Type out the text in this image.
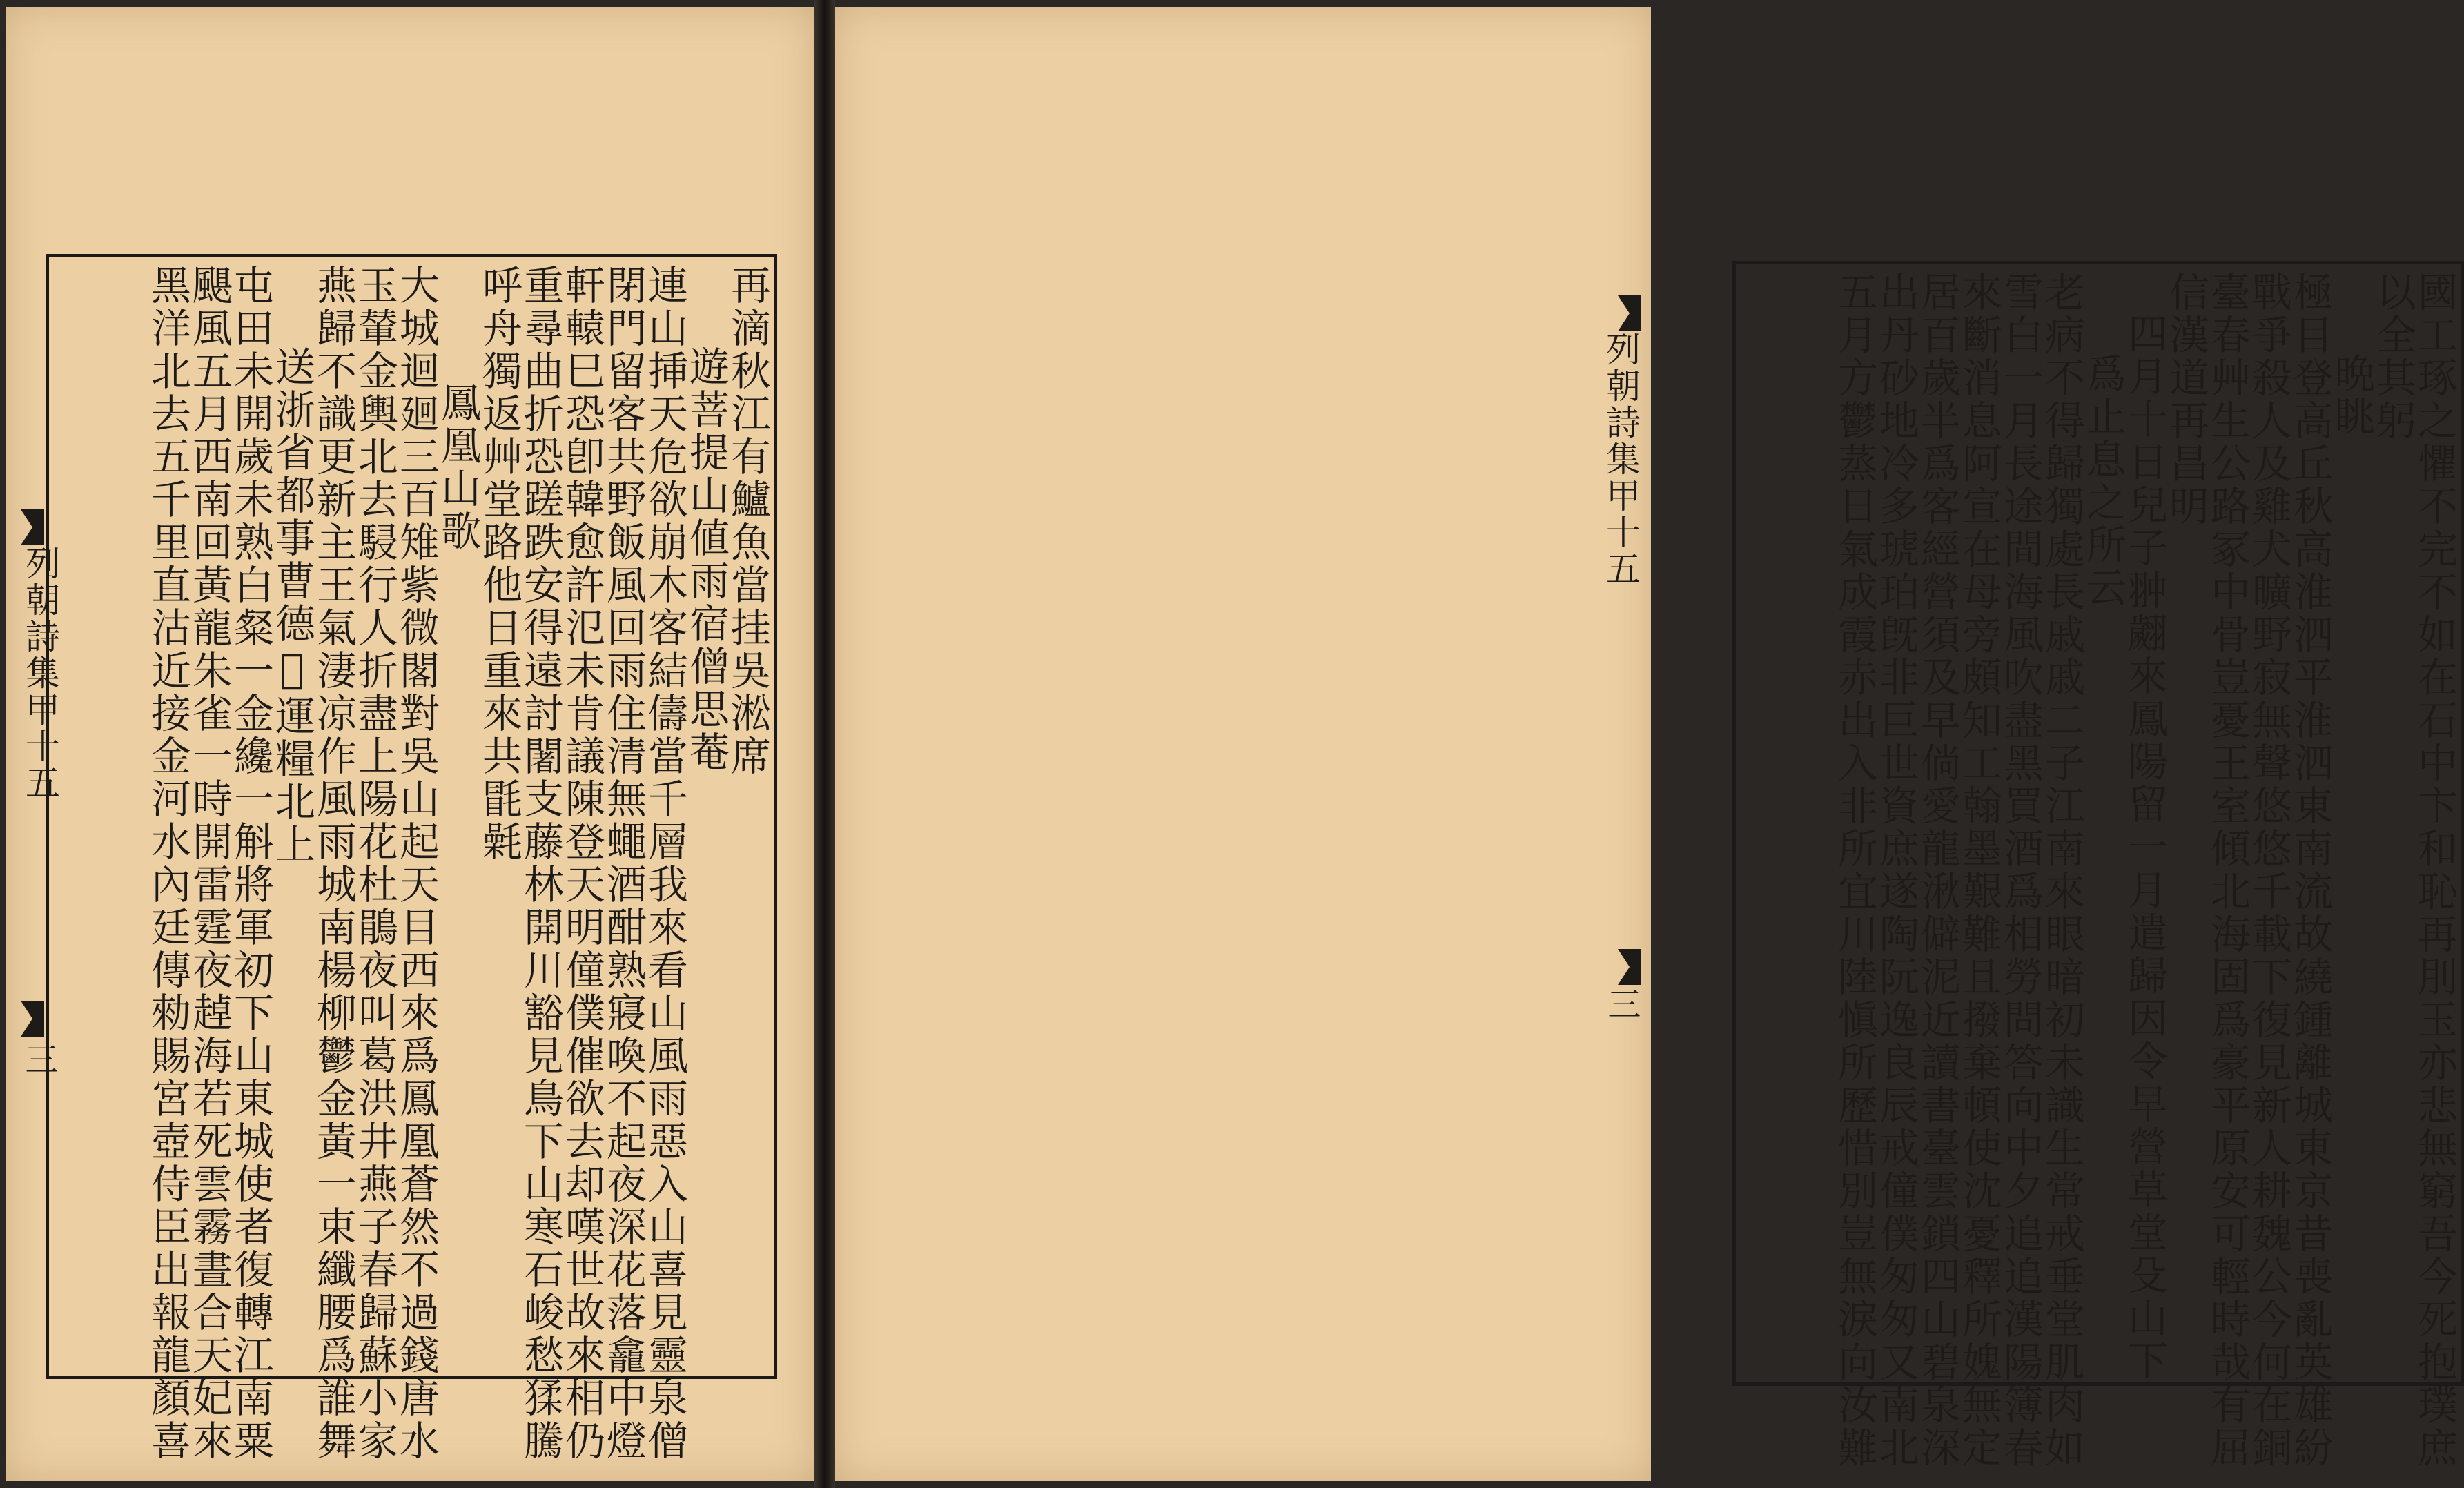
列朝詩集甲十五
三
再滴秋江有鱸魚當挂吳淞席
遊菩提山値雨宿僧思菴
連山挿天危欲崩木客結儔當千層我來看山風雨惡入山喜見靈泉僧
閉門留客共野飯風回雨住清無蠅酒酣熟寢喚不起夜深花落龕中燈
軒轅巳恐卽韓愈許氾未肯議陳登天明僮僕催欲去却嘆世故來相仍
重尋曲折恐蹉跌安得遠討闍支藤林開川豁見鳥下山寒石峻愁猱騰
呼舟獨返艸堂路他日重來共毷氉
鳳凰山歌
大城迴廻三百雉紫微閣對吳山起天目西來爲鳳凰蒼然不過錢唐水
玉輦金輿北去駸行人折盡上陽花杜鵑夜叫葛洪井燕子春歸蘇小家
燕歸不識更新主王氣淒凉作風雨城南楊柳鬱金黃一束纖腰爲誰舞
送浙省都事曹德𩍐運糧北上
屯田未開歲未熟白粲一金纔一斛將軍初下山東城使者復轉江南粟
颶風五月西南回黃龍朱雀一時開雷霆夜趠海若死雲霧晝合天妃來
黑洋北去五千里直沽近接金河水內廷傳勑賜宮壺侍臣出報龍顏喜	列朝詩集甲十五
三	國工琢之懼不完不如在石中卞和恥再刖玉亦悲無窮吾今死抱璞庶
以全其躬
晩眺
極目登高丘秋高淮泗平淮泗東南流故繞鍾離城東京昔喪亂英雄紛
戰爭殺人及雞犬曠野寂無聲悠悠千載下復見新人耕魏公今何在銅
臺春艸生公路冢中骨豈憂王室傾北海固爲豪平原安可輕時哉有屈
信漢道再昌明
四月十日兒子翀翽來鳳陽留一月遣歸因令早營草堂殳山下
爲止息之所云
老病不得歸獨處長戚戚二子江南來眼暗初未識生常戒垂堂肌肉如
雪白一月長途間海風吹盡黑買酒爲相勞問答向中夕追追漢陽簿春
來斷消息阿宣在母旁頗知工翰墨艱難且撥棄頓使沈憂釋所媿無定
居百歲半爲客經營須及早倘愛龍湫僻泥近讀書臺雲鎖四山碧泉深
出丹砂地冷多琥珀旣非巨世資庶遂陶阮逸良辰戒僮僕匆匆又南北
五月方鬱蒸日氣成霞赤出入非所宜川陸愼所歷惜別豈無淚向汝難
